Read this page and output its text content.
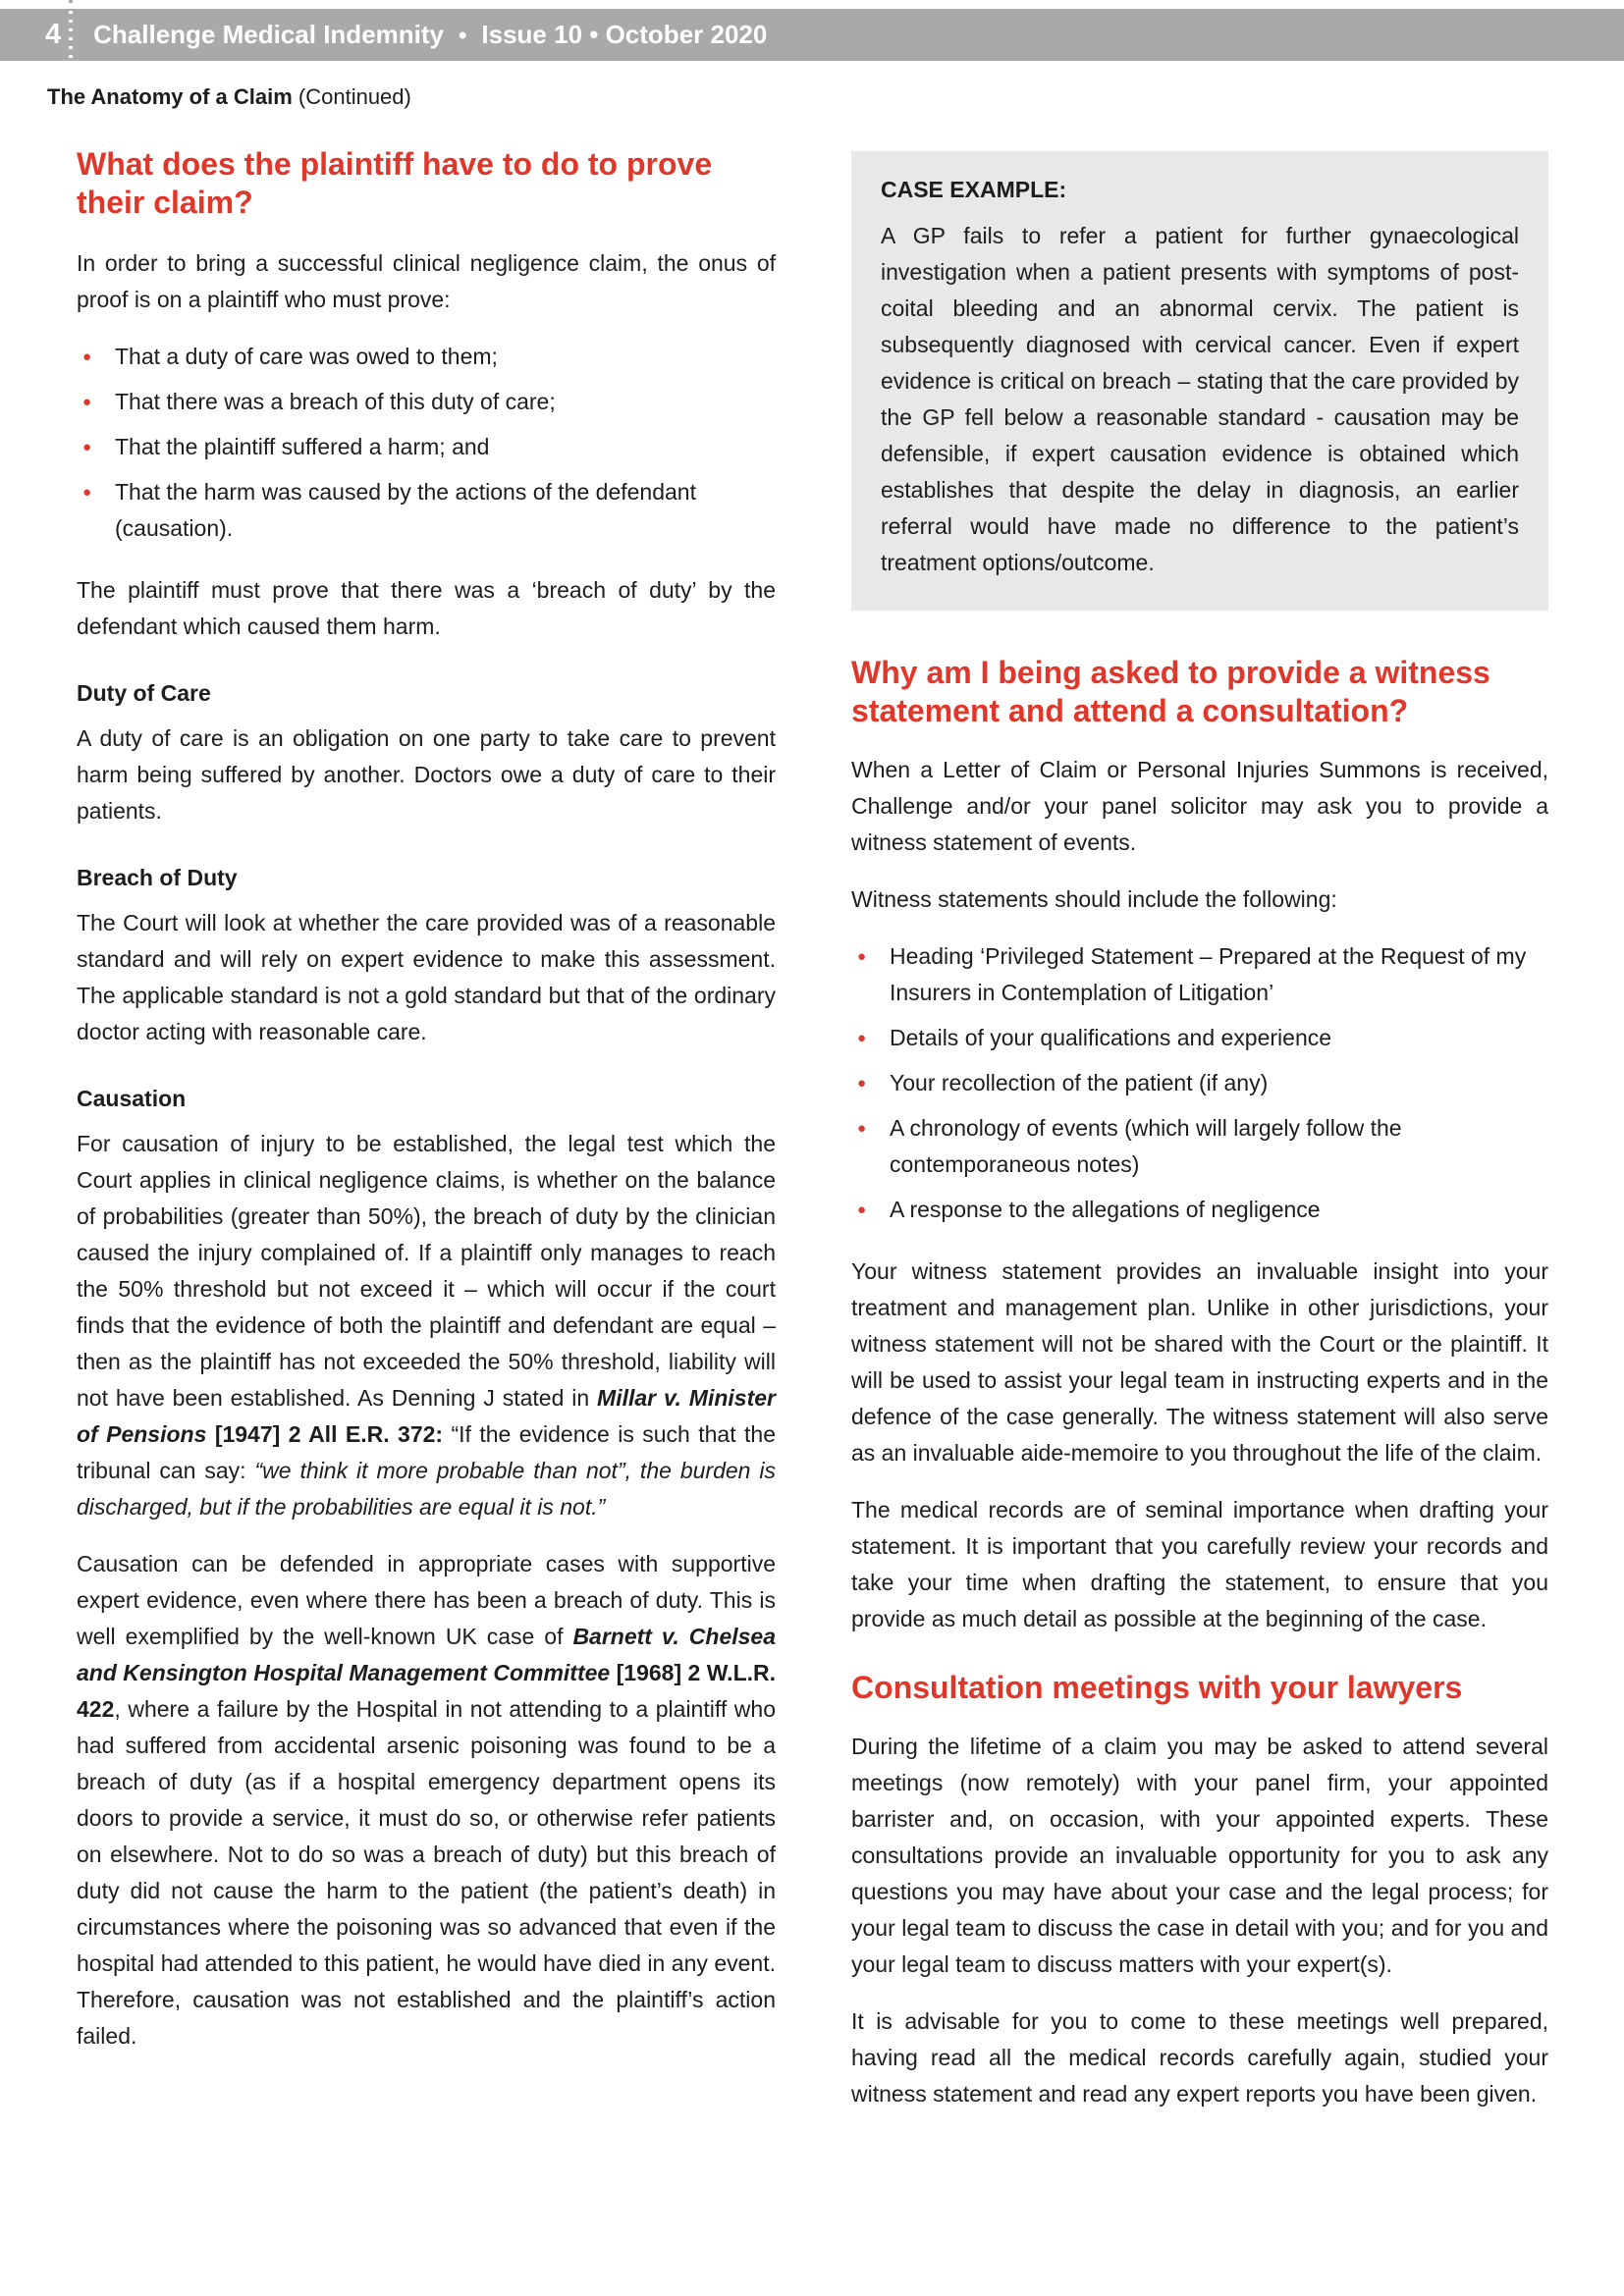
4 Challenge Medical Indemnity • Issue 10 • October 2020
The Anatomy of a Claim (Continued)
What does the plaintiff have to do to prove their claim?

In order to bring a successful clinical negligence claim, the onus of proof is on a plaintiff who must prove:

● That a duty of care was owed to them;
● That there was a breach of this duty of care;
● That the plaintiff suffered a harm; and
● That the harm was caused by the actions of the defendant (causation).

The plaintiff must prove that there was a ‘breach of duty’ by the defendant which caused them harm.

Duty of Care

A duty of care is an obligation on one party to take care to prevent harm being suffered by another. Doctors owe a duty of care to their patients.

Breach of Duty

The Court will look at whether the care provided was of a reasonable standard and will rely on expert evidence to make this assessment. The applicable standard is not a gold standard but that of the ordinary doctor acting with reasonable care.

Causation

For causation of injury to be established, the legal test which the Court applies in clinical negligence claims, is whether on the balance of probabilities (greater than 50%), the breach of duty by the clinician caused the injury complained of. If a plaintiff only manages to reach the 50% threshold but not exceed it – which will occur if the court finds that the evidence of both the plaintiff and defendant are equal – then as the plaintiff has not exceeded the 50% threshold, liability will not have been established. As Denning J stated in Millar v. Minister of Pensions [1947] 2 All E.R. 372: “If the evidence is such that the tribunal can say: “we think it more probable than not”, the burden is discharged, but if the probabilities are equal it is not.”

Causation can be defended in appropriate cases with supportive expert evidence, even where there has been a breach of duty. This is well exemplified by the well-known UK case of Barnett v. Chelsea and Kensington Hospital Management Committee [1968] 2 W.L.R. 422, where a failure by the Hospital in not attending to a plaintiff who had suffered from accidental arsenic poisoning was found to be a breach of duty (as if a hospital emergency department opens its doors to provide a service, it must do so, or otherwise refer patients on elsewhere. Not to do so was a breach of duty) but this breach of duty did not cause the harm to the patient (the patient’s death) in circumstances where the poisoning was so advanced that even if the hospital had attended to this patient, he would have died in any event. Therefore, causation was not established and the plaintiff’s action failed.

CASE EXAMPLE:

A GP fails to refer a patient for further gynaecological investigation when a patient presents with symptoms of post-coital bleeding and an abnormal cervix. The patient is subsequently diagnosed with cervical cancer. Even if expert evidence is critical on breach – stating that the care provided by the GP fell below a reasonable standard - causation may be defensible, if expert causation evidence is obtained which establishes that despite the delay in diagnosis, an earlier referral would have made no difference to the patient’s treatment options/outcome.

Why am I being asked to provide a witness statement and attend a consultation?

When a Letter of Claim or Personal Injuries Summons is received, Challenge and/or your panel solicitor may ask you to provide a witness statement of events.

Witness statements should include the following:

● Heading ‘Privileged Statement – Prepared at the Request of my Insurers in Contemplation of Litigation’
● Details of your qualifications and experience
● Your recollection of the patient (if any)
● A chronology of events (which will largely follow the contemporaneous notes)
● A response to the allegations of negligence

Your witness statement provides an invaluable insight into your treatment and management plan. Unlike in other jurisdictions, your witness statement will not be shared with the Court or the plaintiff. It will be used to assist your legal team in instructing experts and in the defence of the case generally. The witness statement will also serve as an invaluable aide-memoire to you throughout the life of the claim.

The medical records are of seminal importance when drafting your statement. It is important that you carefully review your records and take your time when drafting the statement, to ensure that you provide as much detail as possible at the beginning of the case.

Consultation meetings with your lawyers

During the lifetime of a claim you may be asked to attend several meetings (now remotely) with your panel firm, your appointed barrister and, on occasion, with your appointed experts. These consultations provide an invaluable opportunity for you to ask any questions you may have about your case and the legal process; for your legal team to discuss the case in detail with you; and for you and your legal team to discuss matters with your expert(s).

It is advisable for you to come to these meetings well prepared, having read all the medical records carefully again, studied your witness statement and read any expert reports you have been given.
